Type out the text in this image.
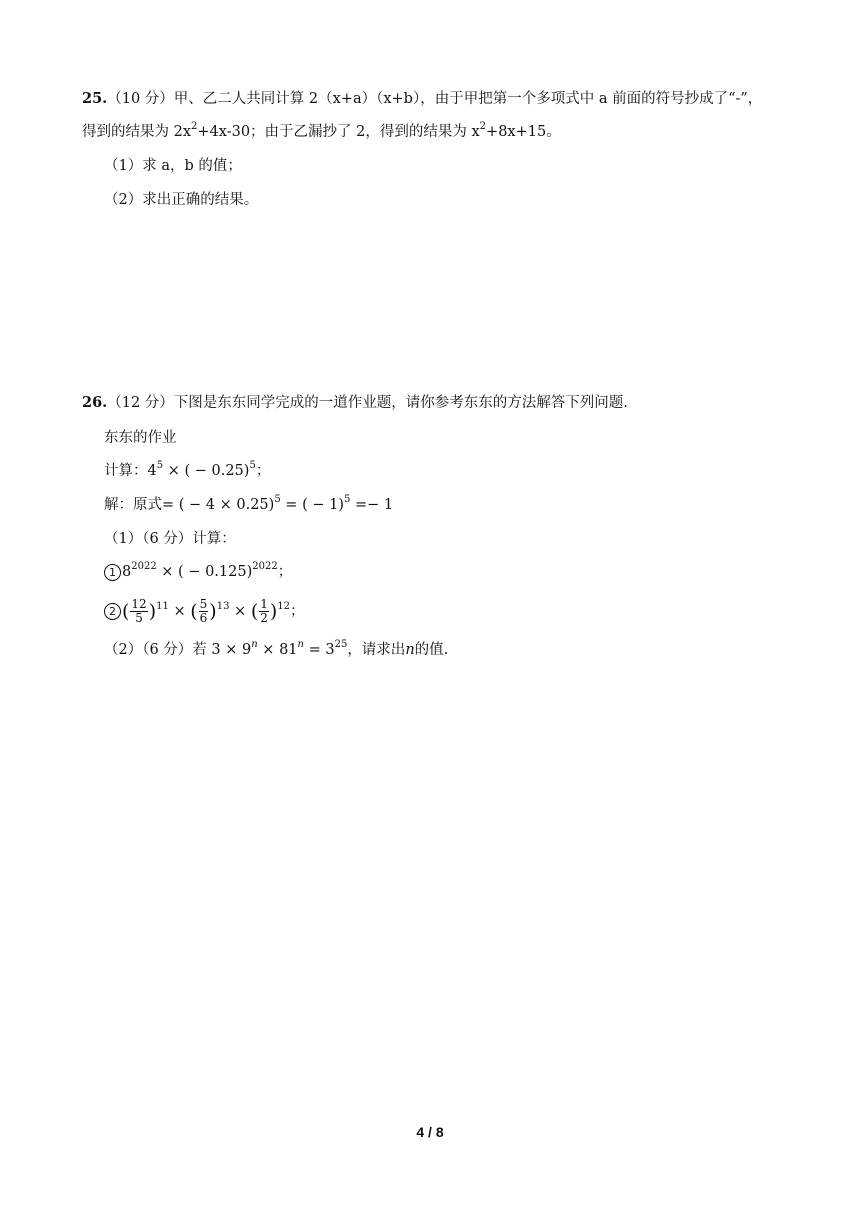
25.（10 分）甲、乙二人共同计算 2（x+a）（x+b），由于甲把第一个多项式中 a 前面的符号抄成了“-”，
得到的结果为 $2x^2+4x-30$；由于乙漏抄了 2，得到的结果为 $x^2+8x+15$。
（1）求 a，b 的值；
（2）求出正确的结果。
26.（12 分）下图是东东同学完成的一道作业题，请你参考东东的方法解答下列问题.
东东的作业
计算：$4^5$ × ( − 0.25)$^5$；
解：原式= ( − 4 × 0.25)$^5$ = ( − 1)$^5$ =− 1
（1）（6 分）计算：
1 $8^{2022}$ × ( − 0.125)$^{2022}$；
2 ( $\frac{12}{5} )^{11}$ × ( $\frac{5}{6} )^{13}$ × ( $\frac{1}{2} )^{12}$；
（2）（6 分）若 $3 \times 9^n \times 81^n = 3^{25}$，请求出n的值.
4 / 8
